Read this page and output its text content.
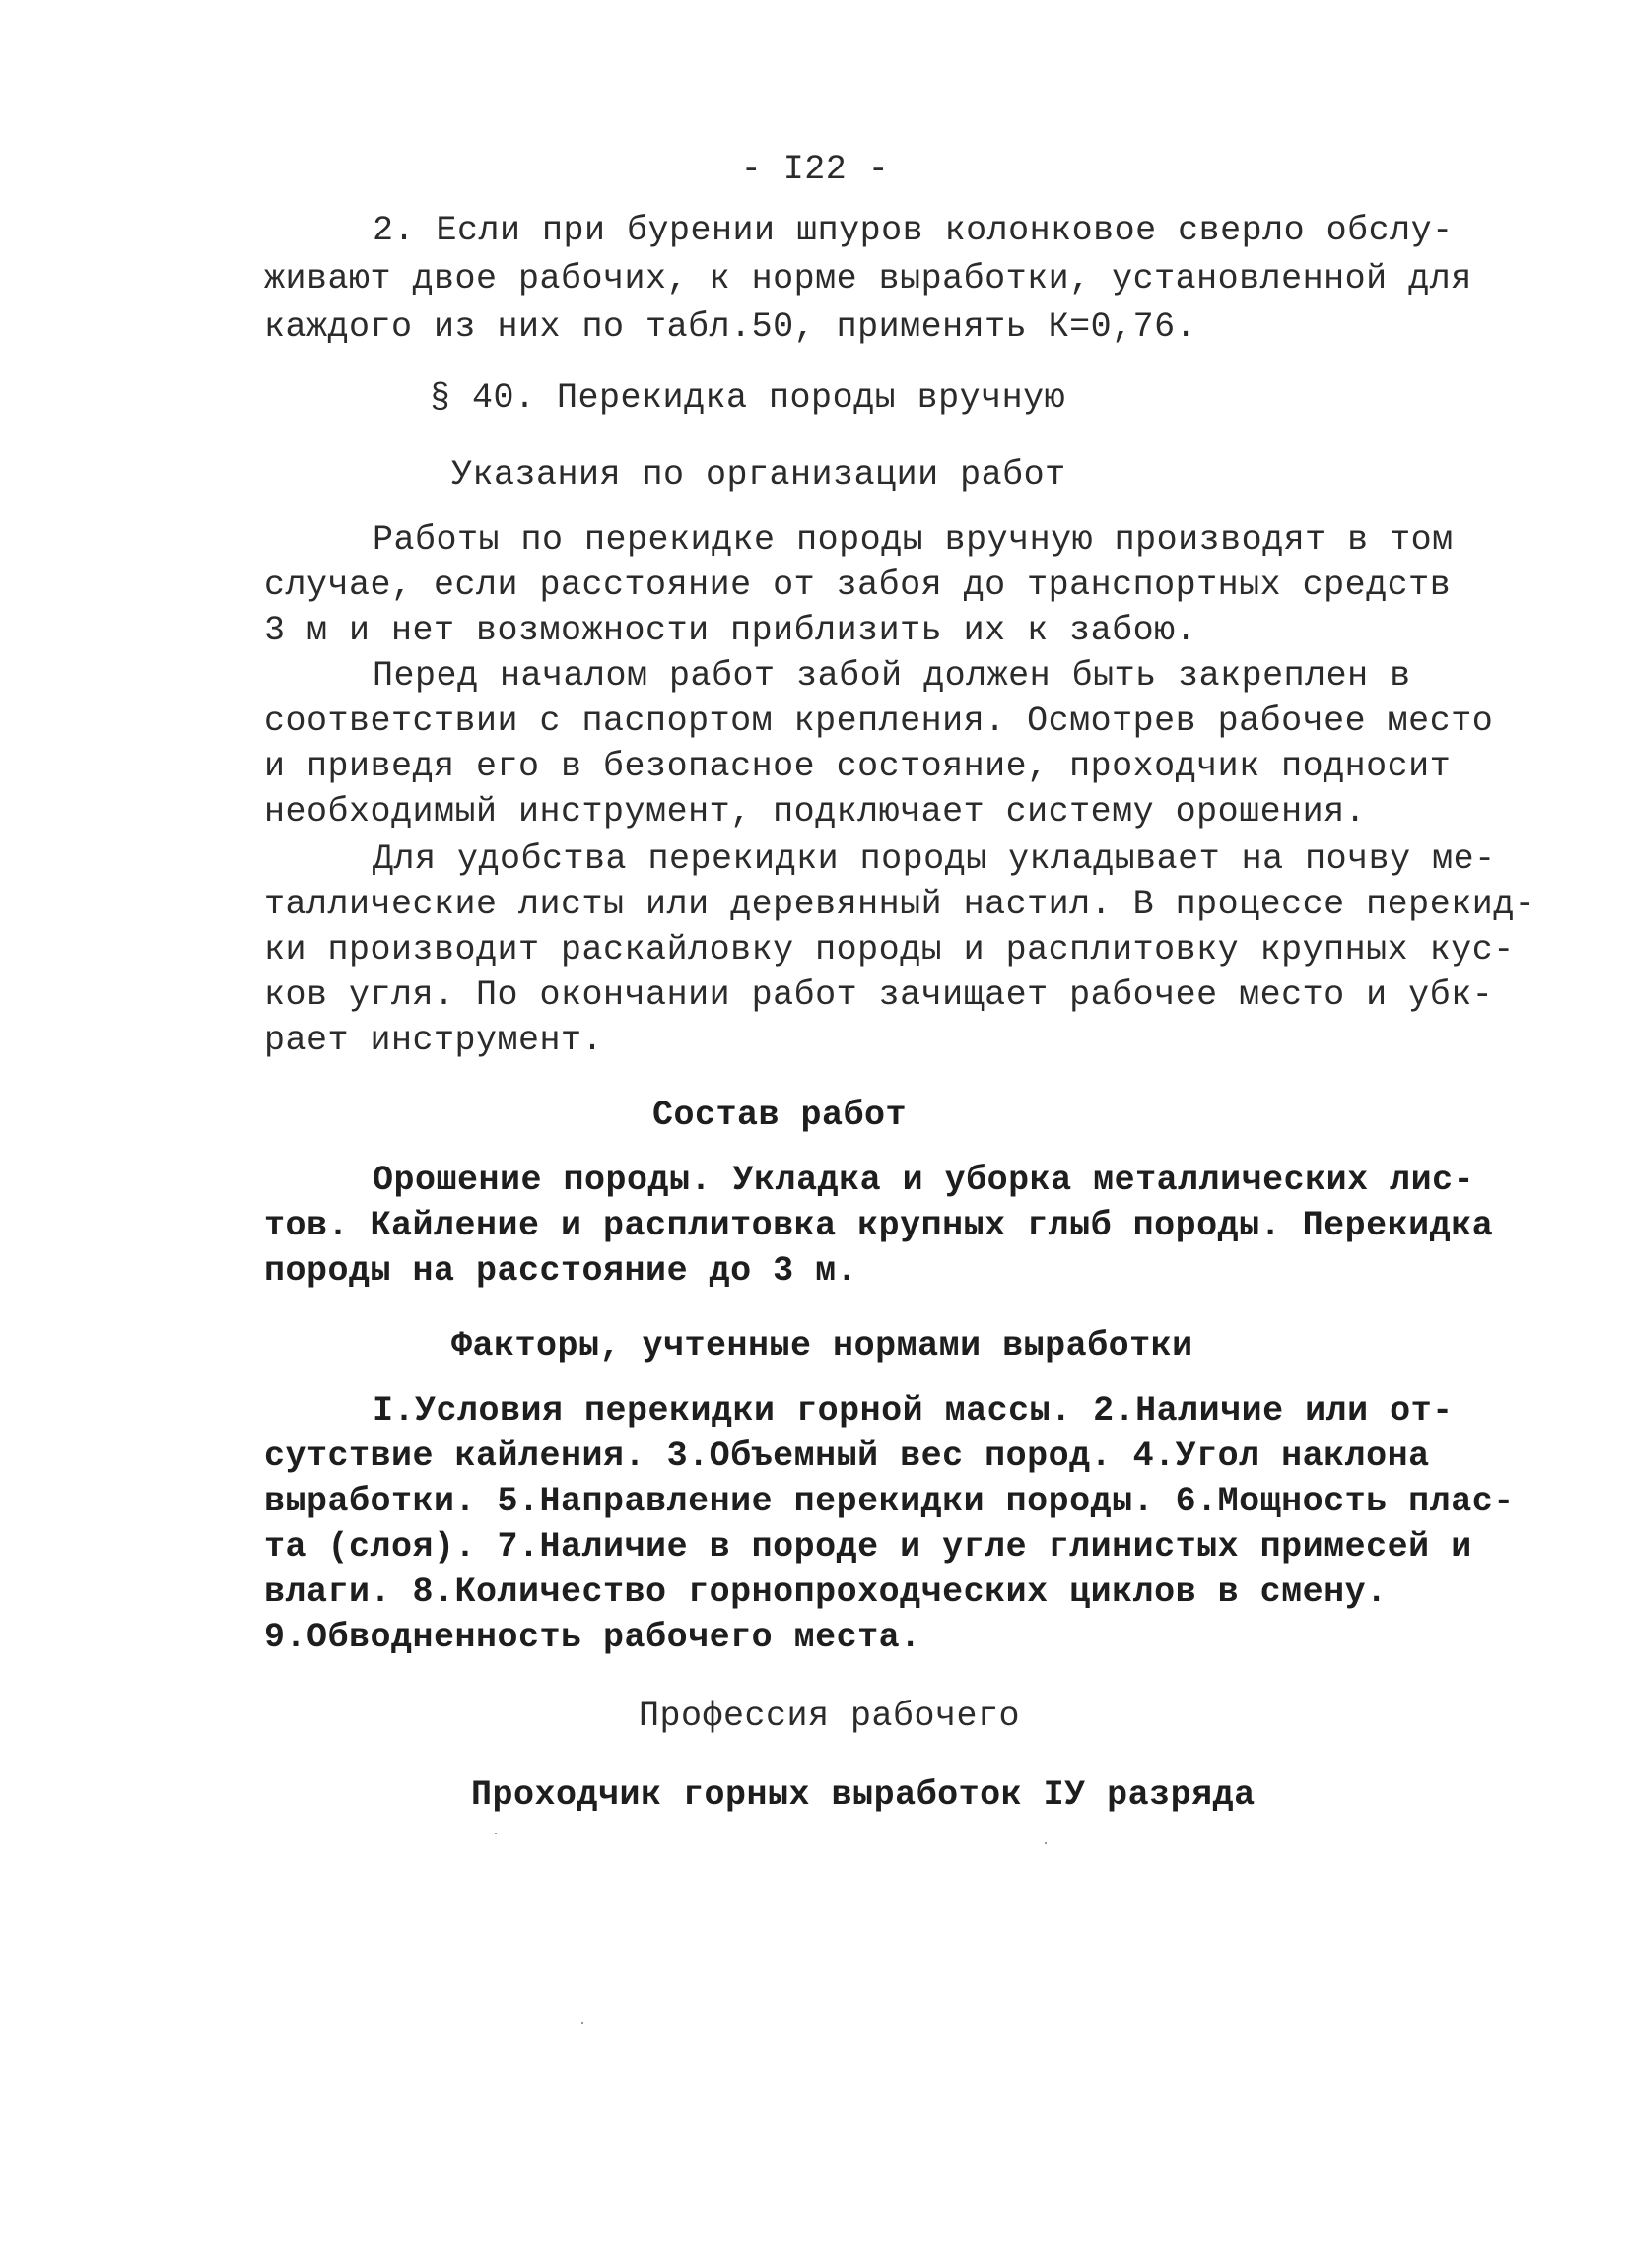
- I22 -
2. Если при бурении шпуров колонковое сверло обслу-
живают двое рабочих, к норме выработки, установленной для
каждого из них по табл.50, применять К=0,76.
§ 40. Перекидка породы вручную
Указания по организации работ
Работы по перекидке породы вручную производят в том
случае, если расстояние от забоя до транспортных средств
3 м и нет возможности приблизить их к забою.
Перед началом работ забой должен быть закреплен в
соответствии с паспортом крепления. Осмотрев рабочее место
и приведя его в безопасное состояние, проходчик подносит
необходимый инструмент, подключает систему орошения.
Для удобства перекидки породы укладывает на почву ме-
таллические листы или деревянный настил. В процессе перекид-
ки производит раскайловку породы и расплитовку крупных кус-
ков угля. По окончании работ зачищает рабочее место и убк-
рает инструмент.
Состав работ
Орошение породы. Укладка и уборка металлических лис-
тов. Кайление и расплитовка крупных глыб породы. Перекидка
породы на расстояние до 3 м.
Факторы, учтенные нормами выработки
I.Условия перекидки горной массы. 2.Наличие или от-
сутствие кайления. 3.Объемный вес пород. 4.Угол наклона
выработки. 5.Направление перекидки породы. 6.Мощность плас-
та (слоя). 7.Наличие в породе и угле глинистых примесей и
влаги. 8.Количество горнопроходческих циклов в смену.
9.Обводненность рабочего места.
Профессия рабочего
Проходчик горных выработок IУ разряда
